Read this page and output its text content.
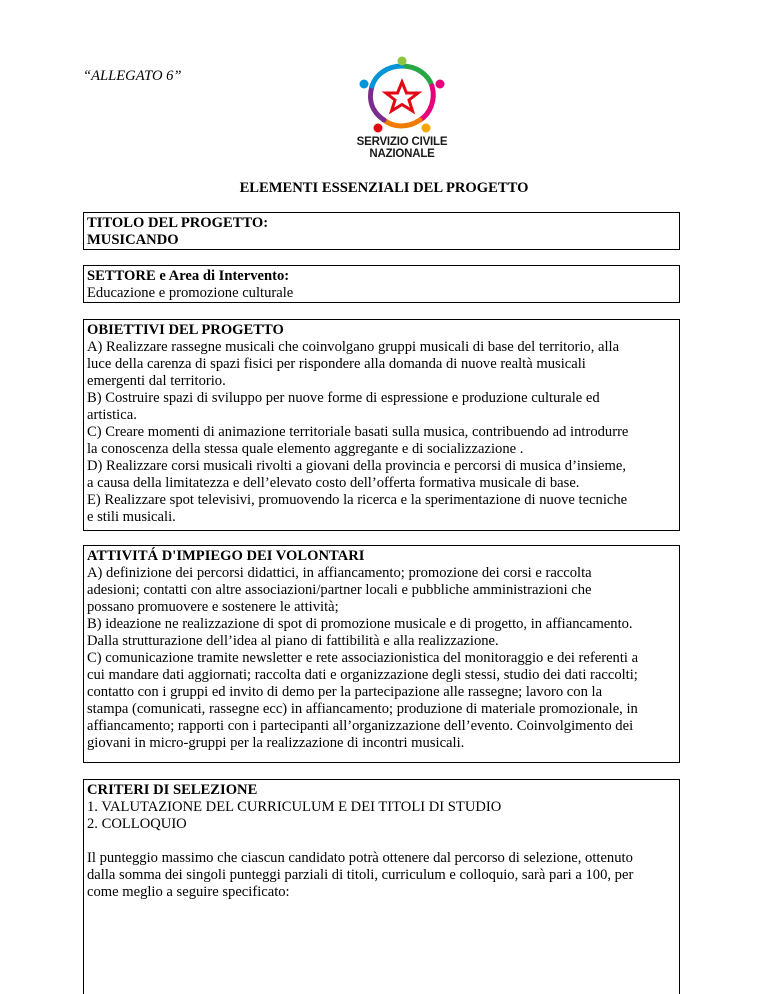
“ALLEGATO 6”
SERVIZIO CIVILE
NAZIONALE
ELEMENTI ESSENZIALI DEL PROGETTO

TITOLO DEL PROGETTO:

MUSICANDO

SETTORE e Area di Intervento:

Educazione e promozione culturale

OBIETTIVI DEL PROGETTO

A) Realizzare rassegne musicali che coinvolgano gruppi musicali di base del territorio, alla

luce della carenza di spazi fisici per rispondere alla domanda di nuove realtà musicali

emergenti dal territorio.

B) Costruire spazi di sviluppo per nuove forme di espressione e produzione culturale ed

artistica.

C) Creare momenti di animazione territoriale basati sulla musica, contribuendo ad introdurre

la conoscenza della stessa quale elemento aggregante e di socializzazione .

D) Realizzare corsi musicali rivolti a giovani della provincia e percorsi di musica d’insieme,

a causa della limitatezza e dell’elevato costo dell’offerta formativa musicale di base.

E) Realizzare spot televisivi, promuovendo la ricerca e la sperimentazione di nuove tecniche

e stili musicali.

ATTIVITÁ D'IMPIEGO DEI VOLONTARI

A) definizione dei percorsi didattici, in affiancamento; promozione dei corsi e raccolta

adesioni; contatti con altre associazioni/partner locali e pubbliche amministrazioni che

possano promuovere e sostenere le attività;

B) ideazione ne realizzazione di spot di promozione musicale e di progetto, in affiancamento.

Dalla strutturazione dell’idea al piano di fattibilità e alla realizzazione.

C) comunicazione tramite newsletter e rete associazionistica del monitoraggio e dei referenti a

cui mandare dati aggiornati; raccolta dati e organizzazione degli stessi, studio dei dati raccolti;

contatto con i gruppi ed invito di demo per la partecipazione alle rassegne; lavoro con la

stampa (comunicati, rassegne ecc) in affiancamento; produzione di materiale promozionale, in

affiancamento; rapporti con i partecipanti all’organizzazione dell’evento. Coinvolgimento dei

giovani in micro-gruppi per la realizzazione di incontri musicali.

CRITERI DI SELEZIONE

1. VALUTAZIONE DEL CURRICULUM E DEI TITOLI DI STUDIO

2. COLLOQUIO

Il punteggio massimo che ciascun candidato potrà ottenere dal percorso di selezione, ottenuto

dalla somma dei singoli punteggi parziali di titoli, curriculum e colloquio, sarà pari a 100, per

come meglio a seguire specificato:
